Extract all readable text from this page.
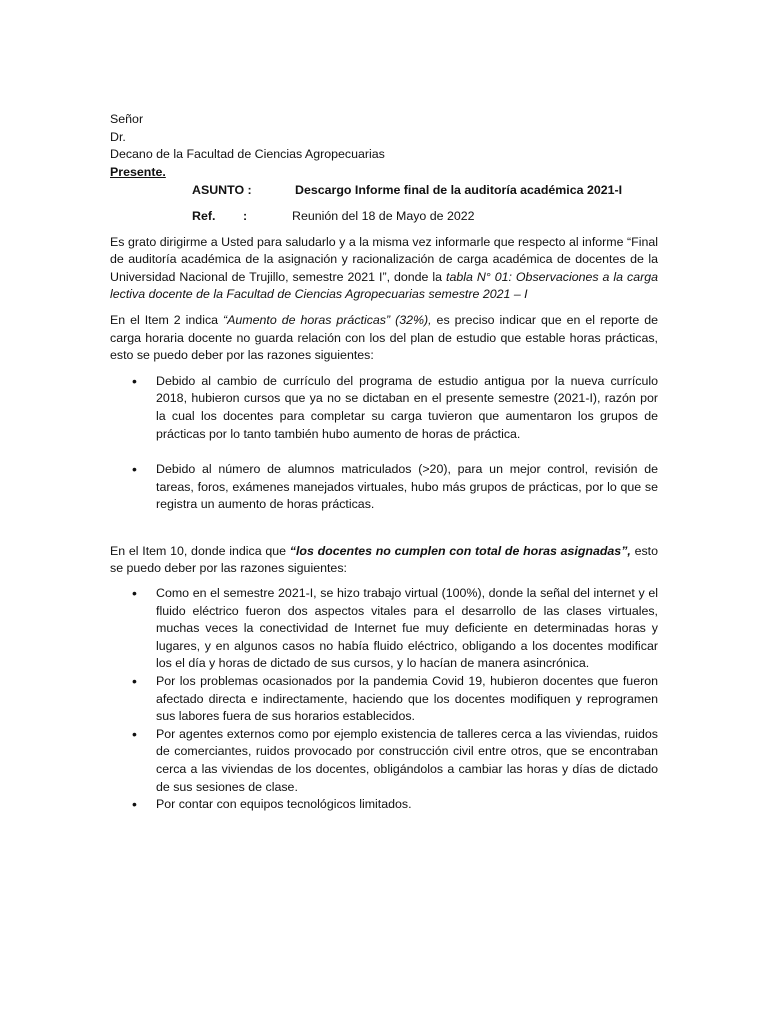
Señor

Dr.

Decano de la Facultad de Ciencias Agropecuarias

Presente.

ASUNTO :	Descargo Informe final de la auditoría académica 2021-I
Ref.        :	Reunión del 18 de Mayo de 2022

Es grato dirigirme a Usted para saludarlo y a la misma vez informarle que respecto al informe “Final de auditoría académica de la asignación y racionalización de carga académica de docentes de la Universidad Nacional de Trujillo, semestre 2021 I”, donde la tabla N° 01: Observaciones a la carga lectiva docente de la Facultad de Ciencias Agropecuarias semestre 2021 – I

En el Item 2 indica “Aumento de horas prácticas” (32%), es preciso indicar que en el reporte de carga horaria docente no guarda relación con los del plan de estudio que estable horas prácticas, esto se puedo deber por las razones siguientes:

• Debido al cambio de currículo del programa de estudio antigua por la nueva currículo 2018, hubieron cursos que ya no se dictaban en el presente semestre (2021-I), razón por la cual los docentes para completar su carga tuvieron que aumentaron los grupos de prácticas por lo tanto también hubo aumento de horas de práctica.
• Debido al número de alumnos matriculados (>20), para un mejor control, revisión de tareas, foros, exámenes manejados virtuales, hubo más grupos de prácticas, por lo que se registra un aumento de horas prácticas.

En el Item 10, donde indica que “los docentes no cumplen con total de horas asignadas”, esto se puedo deber por las razones siguientes:

• Como en el semestre 2021-I, se hizo trabajo virtual (100%), donde la señal del internet y el fluido eléctrico fueron dos aspectos vitales para el desarrollo de las clases virtuales, muchas veces la conectividad de Internet fue muy deficiente en determinadas horas y lugares, y en algunos casos no había fluido eléctrico, obligando a los docentes modificar los el día y horas de dictado de sus cursos, y lo hacían de manera asincrónica.
• Por los problemas ocasionados por la pandemia Covid 19, hubieron docentes que fueron afectado directa e indirectamente, haciendo que los docentes modifiquen y reprogramen sus labores fuera de sus horarios establecidos.
• Por agentes externos como por ejemplo existencia de talleres cerca a las viviendas, ruidos de comerciantes, ruidos provocado por construcción civil entre otros, que se encontraban cerca a las viviendas de los docentes, obligándolos a cambiar las horas y días de dictado de sus sesiones de clase.
• Por contar con equipos tecnológicos limitados.
